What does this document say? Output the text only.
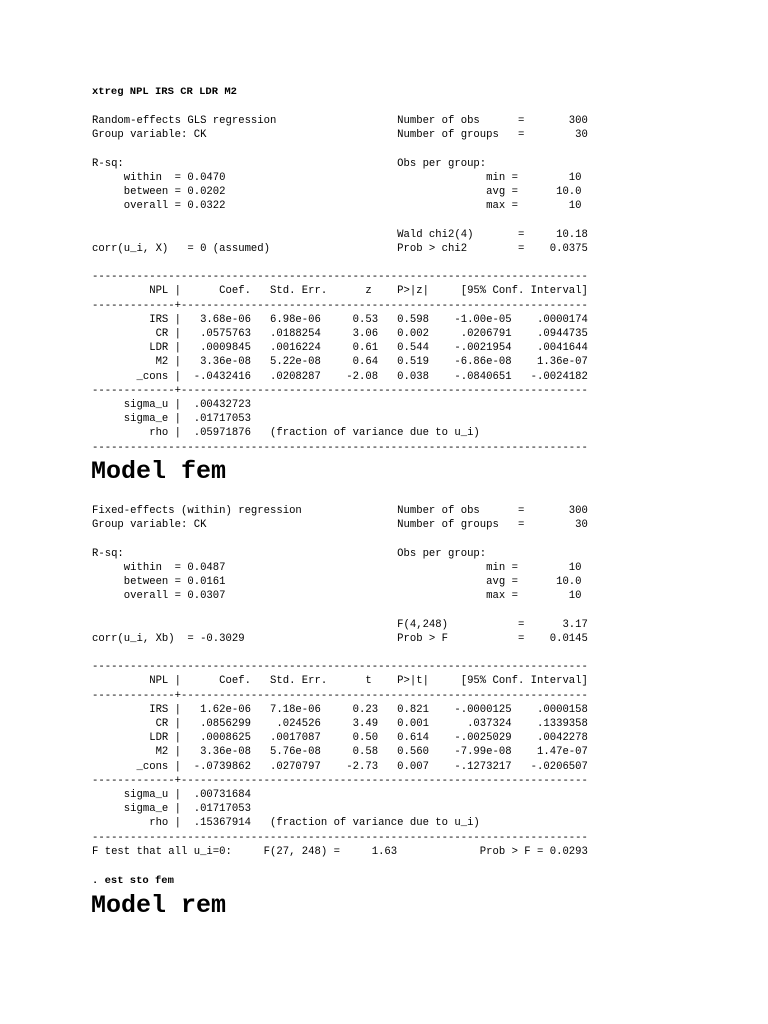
xtreg NPL IRS CR LDR M2
Random-effects GLS regression                   Number of obs      =       300
Group variable: CK                              Number of groups   =        30

R-sq:                                           Obs per group:
within  = 0.0470                                         min =        10
between = 0.0202                                         avg =      10.0
overall = 0.0322                                         max =        10

Wald chi2(4)       =     10.18
corr(u_i, X)   = 0 (assumed)                    Prob > chi2        =    0.0375

------------------------------------------------------------------------------
NPL |      Coef.   Std. Err.      z    P>|z|     [95% Conf. Interval]
-------------+----------------------------------------------------------------
IRS |   3.68e-06   6.98e-06     0.53   0.598    -1.00e-05    .0000174
CR |   .0575763   .0188254     3.06   0.002     .0206791    .0944735
LDR |   .0009845   .0016224     0.61   0.544    -.0021954    .0041644
M2 |   3.36e-08   5.22e-08     0.64   0.519    -6.86e-08    1.36e-07
_cons |  -.0432416   .0208287    -2.08   0.038    -.0840651   -.0024182
-------------+----------------------------------------------------------------
sigma_u |  .00432723
sigma_e |  .01717053
rho |  .05971876   (fraction of variance due to u_i)
------------------------------------------------------------------------------
Model fem
Fixed-effects (within) regression               Number of obs      =       300
Group variable: CK                              Number of groups   =        30

R-sq:                                           Obs per group:
within  = 0.0487                                         min =        10
between = 0.0161                                         avg =      10.0
overall = 0.0307                                         max =        10

F(4,248)           =      3.17
corr(u_i, Xb)  = -0.3029                        Prob > F           =    0.0145

------------------------------------------------------------------------------
NPL |      Coef.   Std. Err.      t    P>|t|     [95% Conf. Interval]
-------------+----------------------------------------------------------------
IRS |   1.62e-06   7.18e-06     0.23   0.821    -.0000125    .0000158
CR |   .0856299    .024526     3.49   0.001      .037324    .1339358
LDR |   .0008625   .0017087     0.50   0.614    -.0025029    .0042278
M2 |   3.36e-08   5.76e-08     0.58   0.560    -7.99e-08    1.47e-07
_cons |  -.0739862   .0270797    -2.73   0.007    -.1273217   -.0206507
-------------+----------------------------------------------------------------
sigma_u |  .00731684
sigma_e |  .01717053
rho |  .15367914   (fraction of variance due to u_i)
------------------------------------------------------------------------------
F test that all u_i=0:     F(27, 248) =     1.63             Prob > F = 0.0293
. est sto fem
Model rem
